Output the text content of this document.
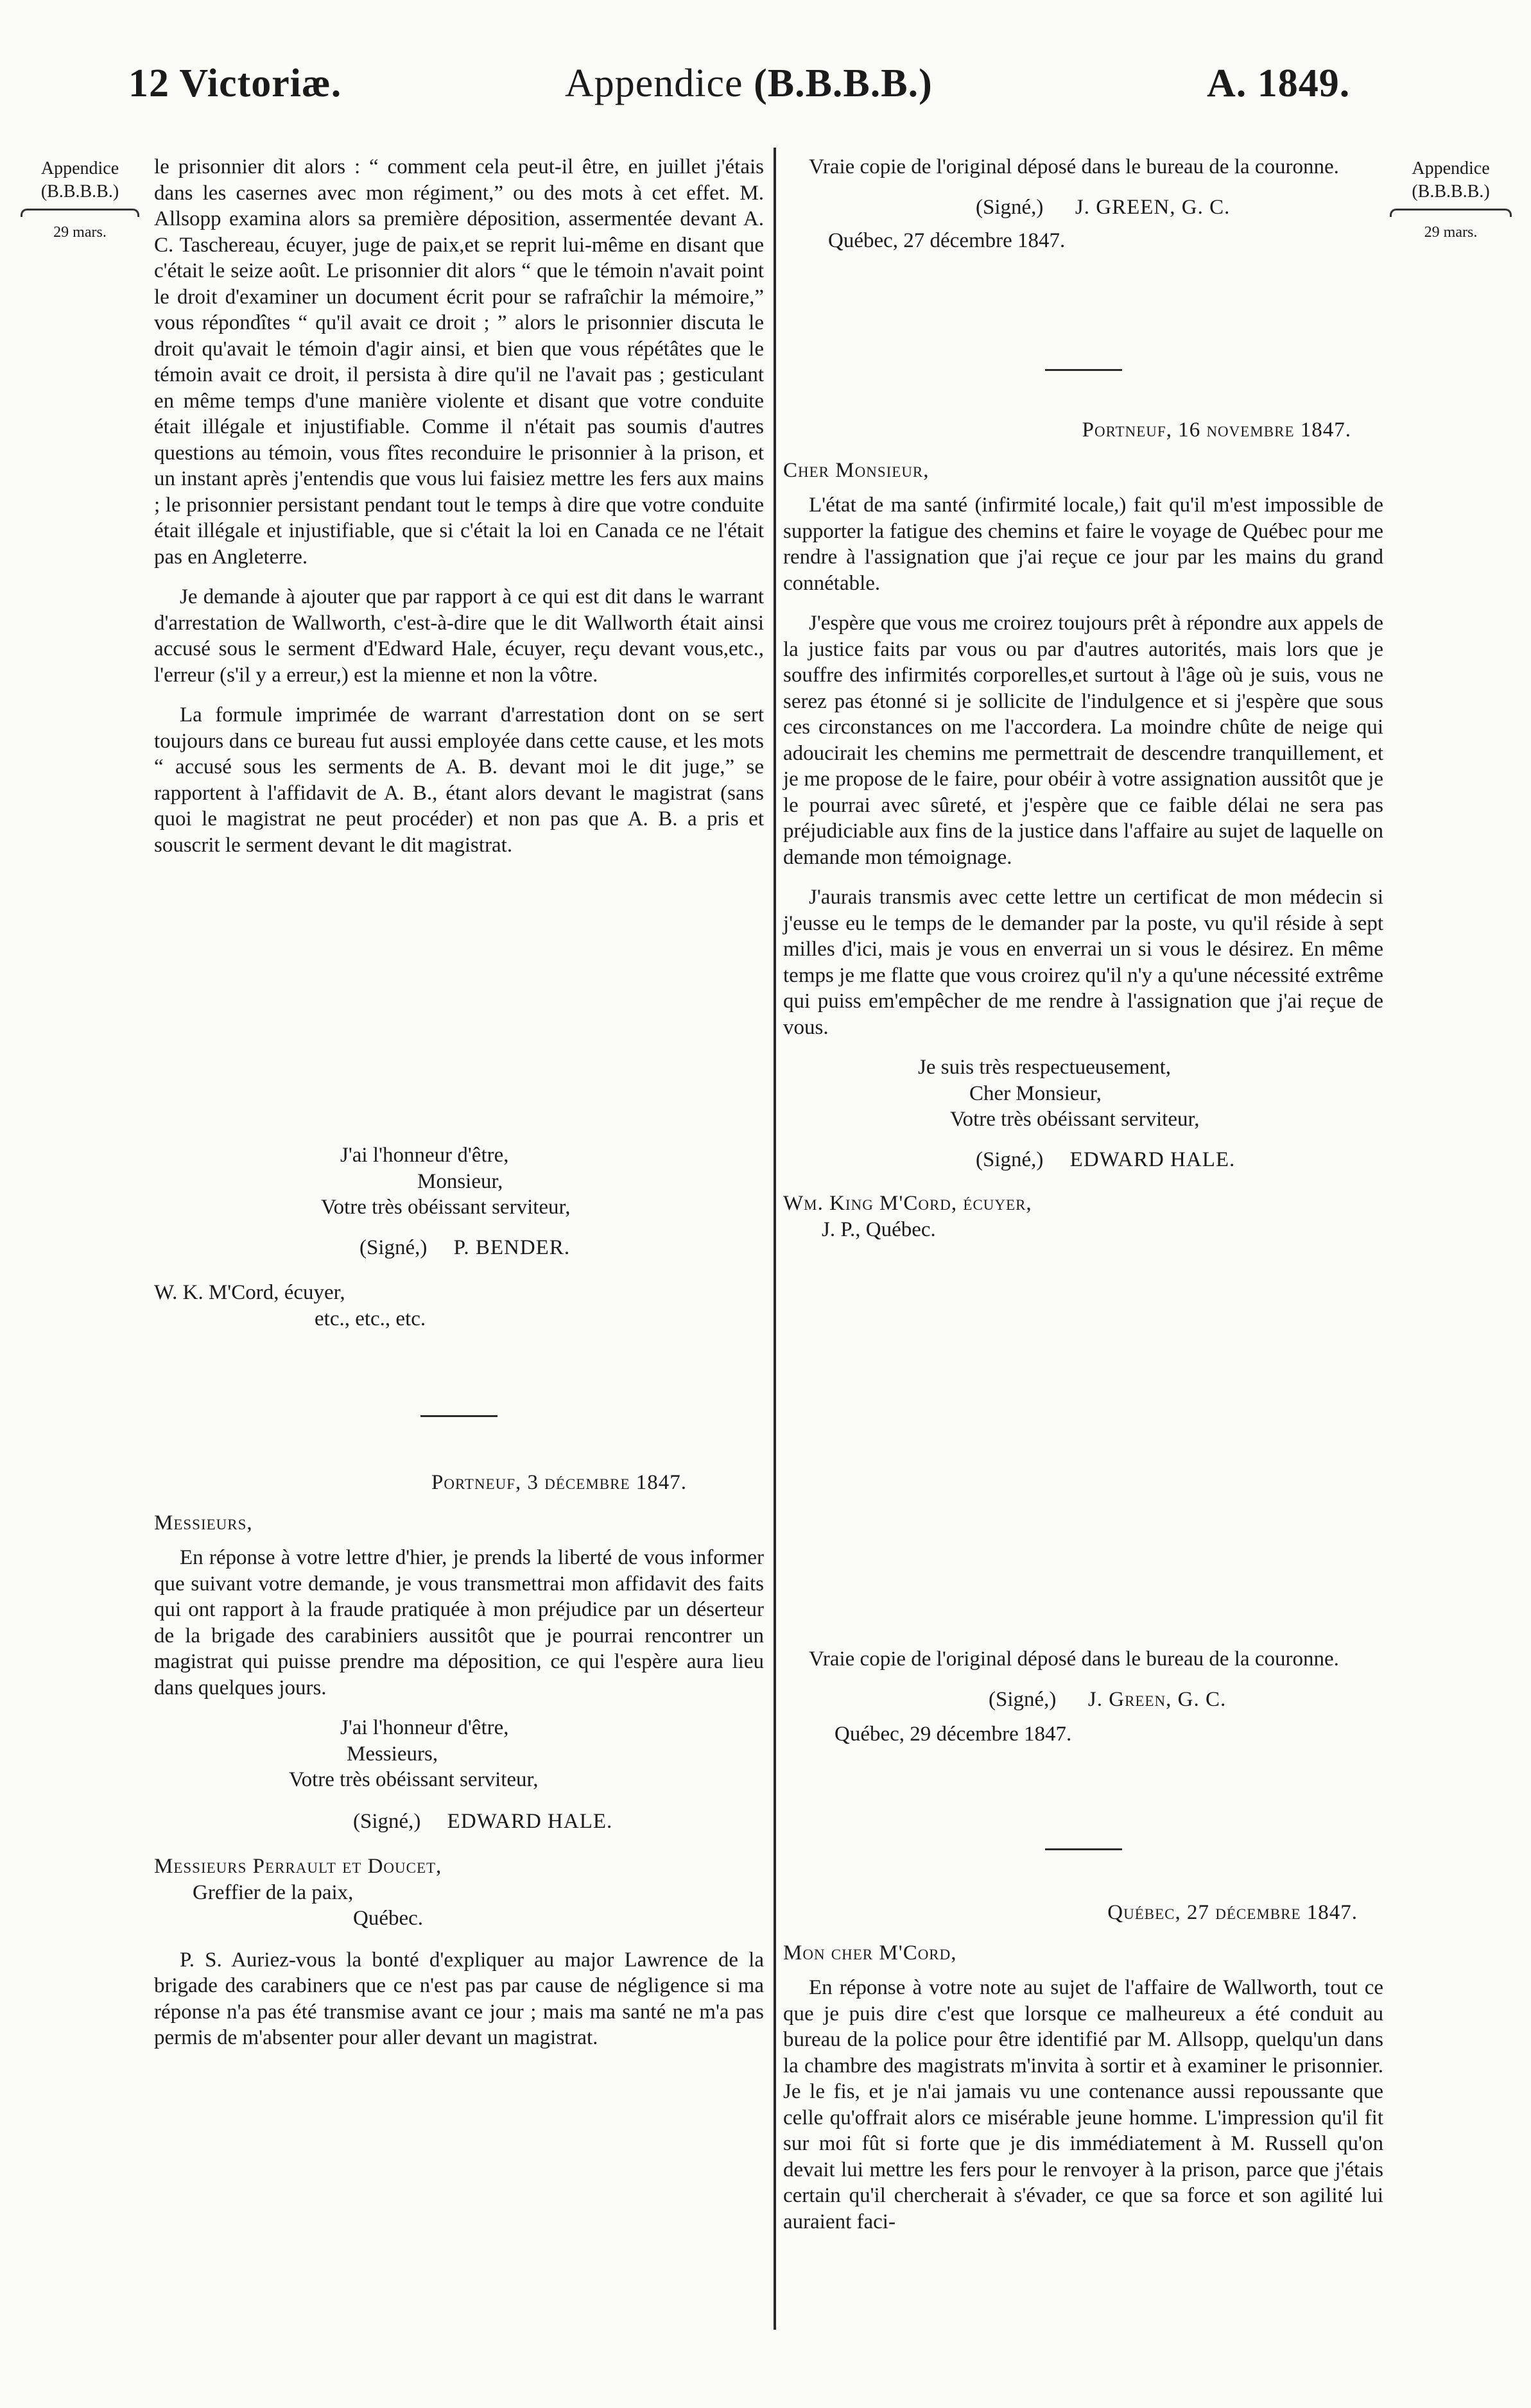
12 Victoriæ.	Appendice (B.B.B.B.)	A. 1849.
Appendice
(B.B.B.B.)
29 mars.
Appendice
(B.B.B.B.)
29 mars.

le prisonnier dit alors : “ comment cela peut-il être, en juillet j'étais dans les casernes avec mon régiment,” ou des mots à cet effet. M. Allsopp examina alors sa première déposition, assermentée devant A. C. Taschereau, écuyer, juge de paix,et se reprit lui-même en disant que c'était le seize août. Le prisonnier dit alors “ que le témoin n'avait point le droit d'examiner un document écrit pour se rafraîchir la mémoire,” vous répondîtes “ qu'il avait ce droit ; ” alors le prisonnier discuta le droit qu'avait le témoin d'agir ainsi, et bien que vous répétâtes que le témoin avait ce droit, il persista à dire qu'il ne l'avait pas ; gesticulant en même temps d'une manière violente et disant que votre conduite était illégale et injustifiable. Comme il n'était pas soumis d'autres questions au témoin, vous fîtes reconduire le prisonnier à la prison, et un instant après j'entendis que vous lui faisiez mettre les fers aux mains ; le prisonnier persistant pendant tout le temps à dire que votre conduite était illégale et injustifiable, que si c'était la loi en Canada ce ne l'était pas en Angleterre.

Je demande à ajouter que par rapport à ce qui est dit dans le warrant d'arrestation de Wallworth, c'est-à-dire que le dit Wallworth était ainsi accusé sous le serment d'Edward Hale, écuyer, reçu devant vous,etc., l'erreur (s'il y a erreur,) est la mienne et non la vôtre.

La formule imprimée de warrant d'arrestation dont on se sert toujours dans ce bureau fut aussi employée dans cette cause, et les mots “ accusé sous les serments de A. B. devant moi le dit juge,” se rapportent à l'affidavit de A. B., étant alors devant le magistrat (sans quoi le magistrat ne peut procéder) et non pas que A. B. a pris et souscrit le serment devant le dit magistrat.

J'ai l'honneur d'être,
Monsieur,
Votre très obéissant serviteur,
(Signé,) P. BENDER.
W. K. M'Cord, écuyer,
etc., etc., etc.
Portneuf, 3 décembre 1847.
Messieurs,

En réponse à votre lettre d'hier, je prends la liberté de vous informer que suivant votre demande, je vous transmettrai mon affidavit des faits qui ont rapport à la fraude pratiquée à mon préjudice par un déserteur de la brigade des carabiniers aussitôt que je pourrai rencontrer un magistrat qui puisse prendre ma déposition, ce qui l'espère aura lieu dans quelques jours.

J'ai l'honneur d'être,
Messieurs,
Votre très obéissant serviteur,
(Signé,) EDWARD HALE.
Messieurs Perrault et Doucet,
Greffier de la paix,
Québec.

P. S. Auriez-vous la bonté d'expliquer au major Lawrence de la brigade des carabiners que ce n'est pas par cause de négligence si ma réponse n'a pas été transmise avant ce jour ; mais ma santé ne m'a pas permis de m'absenter pour aller devant un magistrat.

Vraie copie de l'original déposé dans le bureau de la couronne.

(Signé,) J. GREEN, G. C.
Québec, 27 décembre 1847.
Portneuf, 16 novembre 1847.
Cher Monsieur,

L'état de ma santé (infirmité locale,) fait qu'il m'est impossible de supporter la fatigue des chemins et faire le voyage de Québec pour me rendre à l'assignation que j'ai reçue ce jour par les mains du grand connétable.

J'espère que vous me croirez toujours prêt à répondre aux appels de la justice faits par vous ou par d'autres autorités, mais lors que je souffre des infirmités corporelles,et surtout à l'âge où je suis, vous ne serez pas étonné si je sollicite de l'indulgence et si j'espère que sous ces circonstances on me l'accordera. La moindre chûte de neige qui adoucirait les chemins me permettrait de descendre tranquillement, et je me propose de le faire, pour obéir à votre assignation aussitôt que je le pourrai avec sûreté, et j'espère que ce faible délai ne sera pas préjudiciable aux fins de la justice dans l'affaire au sujet de laquelle on demande mon témoignage.

J'aurais transmis avec cette lettre un certificat de mon médecin si j'eusse eu le temps de le demander par la poste, vu qu'il réside à sept milles d'ici, mais je vous en enverrai un si vous le désirez. En même temps je me flatte que vous croirez qu'il n'y a qu'une nécessité extrême qui puiss em'empêcher de me rendre à l'assignation que j'ai reçue de vous.

Je suis très respectueusement,
Cher Monsieur,
Votre très obéissant serviteur,
(Signé,) EDWARD HALE.
Wm. King M'Cord, écuyer,
J. P., Québec.

Vraie copie de l'original déposé dans le bureau de la couronne.

(Signé,) J. Green, G. C.
Québec, 29 décembre 1847.
Québec, 27 décembre 1847.
Mon cher M'Cord,

En réponse à votre note au sujet de l'affaire de Wallworth, tout ce que je puis dire c'est que lorsque ce malheureux a été conduit au bureau de la police pour être identifié par M. Allsopp, quelqu'un dans la chambre des magistrats m'invita à sortir et à examiner le prisonnier. Je le fis, et je n'ai jamais vu une contenance aussi repoussante que celle qu'offrait alors ce misérable jeune homme. L'impression qu'il fit sur moi fût si forte que je dis immédiatement à M. Russell qu'on devait lui mettre les fers pour le renvoyer à la prison, parce que j'étais certain qu'il chercherait à s'évader, ce que sa force et son agilité lui auraient faci-
